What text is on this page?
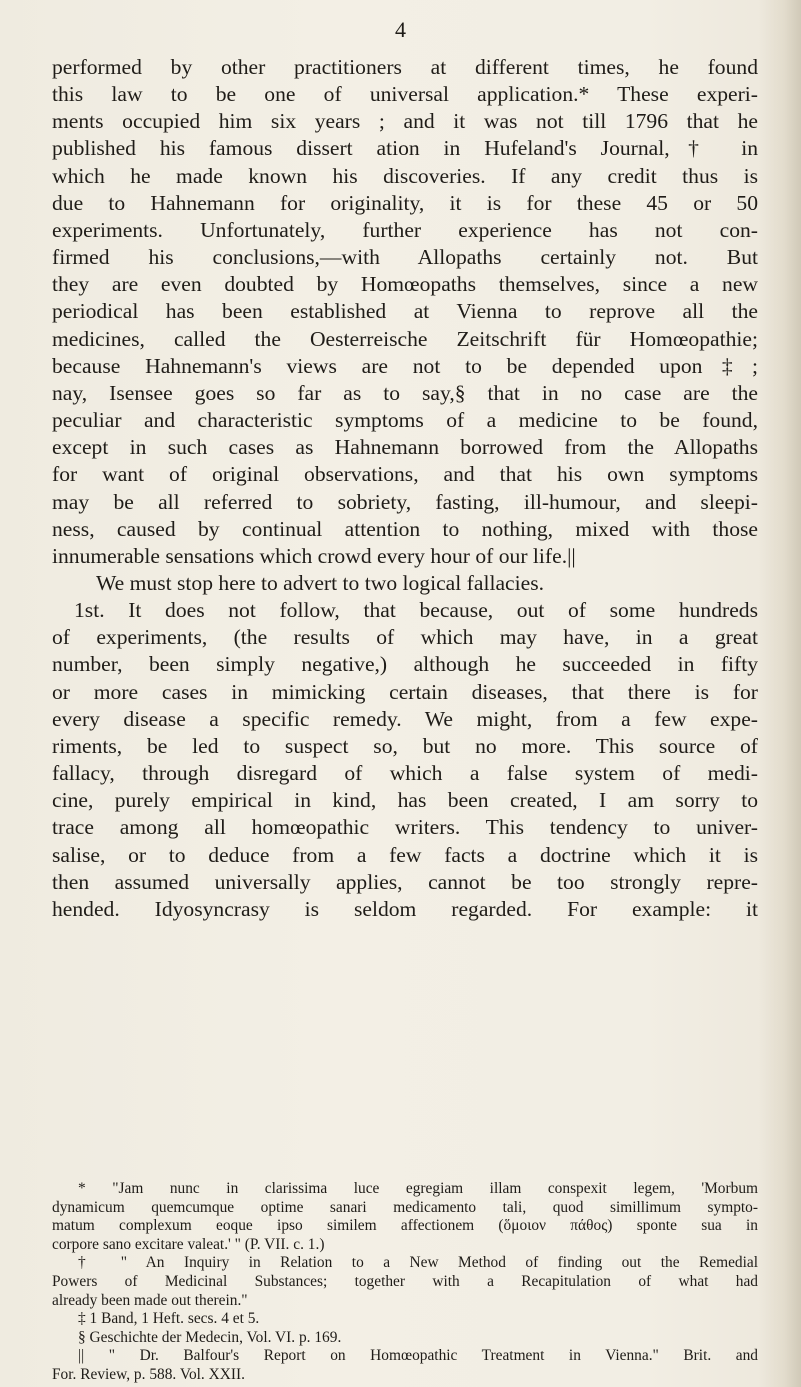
4
performed by other practitioners at different times, he found
this law to be one of universal application.* These experi-
ments occupied him six years ; and it was not till 1796 that he
published his famous dissert ation in Hufeland's Journal,† in
which he made known his discoveries. If any credit thus is
due to Hahnemann for originality, it is for these 45 or 50
experiments. Unfortunately, further experience has not con-
firmed his conclusions,—with Allopaths certainly not. But
they are even doubted by Homœopaths themselves, since a new
periodical has been established at Vienna to reprove all the
medicines, called the Oesterreische Zeitschrift für Homœopathie;
because Hahnemann's views are not to be depended upon‡;
nay, Isensee goes so far as to say,§ that in no case are the
peculiar and characteristic symptoms of a medicine to be found,
except in such cases as Hahnemann borrowed from the Allopaths
for want of original observations, and that his own symptoms
may be all referred to sobriety, fasting, ill-humour, and sleepi-
ness, caused by continual attention to nothing, mixed with those
innumerable sensations which crowd every hour of our life.||
We must stop here to advert to two logical fallacies.
1st. It does not follow, that because, out of some hundreds
of experiments, (the results of which may have, in a great
number, been simply negative,) although he succeeded in fifty
or more cases in mimicking certain diseases, that there is for
every disease a specific remedy. We might, from a few expe-
riments, be led to suspect so, but no more. This source of
fallacy, through disregard of which a false system of medi-
cine, purely empirical in kind, has been created, I am sorry to
trace among all homœopathic writers. This tendency to univer-
salise, or to deduce from a few facts a doctrine which it is
then assumed universally applies, cannot be too strongly repre-
hended. Idyosyncrasy is seldom regarded. For example: it
* "Jam nunc in clarissima luce egregiam illam conspexit legem, 'Morbum
dynamicum quemcumque optime sanari medicamento tali, quod simillimum sympto-
matum complexum eoque ipso similem affectionem (ὅμοιον πάθος) sponte sua in
corpore sano excitare valeat.' " (P. VII. c. 1.)
† " An Inquiry in Relation to a New Method of finding out the Remedial
Powers of Medicinal Substances; together with a Recapitulation of what had
already been made out therein."
‡ 1 Band, 1 Heft. secs. 4 et 5.
§ Geschichte der Medecin, Vol. VI. p. 169.
|| " Dr. Balfour's Report on Homœopathic Treatment in Vienna." Brit. and
For. Review, p. 588. Vol. XXII.
